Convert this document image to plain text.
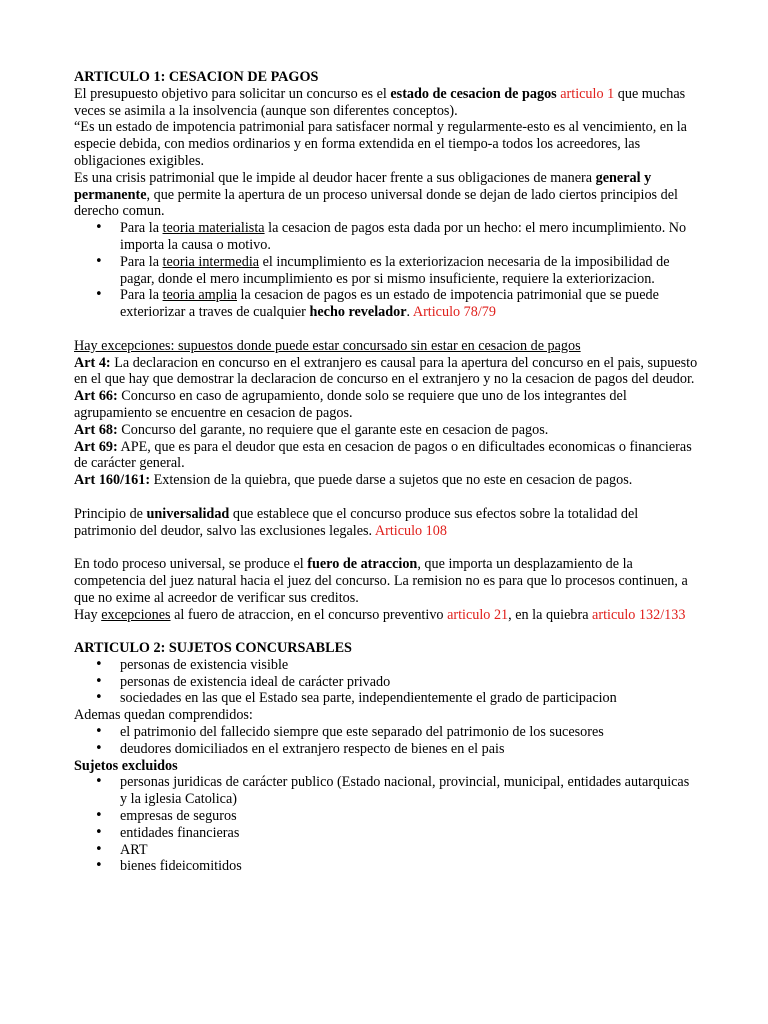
ARTICULO 1: CESACION DE PAGOS

El presupuesto objetivo para solicitar un concurso es el estado de cesacion de pagos articulo 1 que muchas veces se asimila a la insolvencia (aunque son diferentes conceptos).

“Es un estado de impotencia patrimonial para satisfacer normal y regularmente-esto es al vencimiento, en la especie debida, con medios ordinarios y en forma extendida en el tiempo-a todos los acreedores, las obligaciones exigibles.

Es una crisis patrimonial que le impide al deudor hacer frente a sus obligaciones de manera general y permanente, que permite la apertura de un proceso universal donde se dejan de lado ciertos principios del derecho comun.

• Para la teoria materialista la cesacion de pagos esta dada por un hecho: el mero incumplimiento. No importa la causa o motivo.
• Para la teoria intermedia el incumplimiento es la exteriorizacion necesaria de la imposibilidad de pagar, donde el mero incumplimiento es por si mismo insuficiente, requiere la exteriorizacion.
• Para la teoria amplia la cesacion de pagos es un estado de impotencia patrimonial que se puede exteriorizar a traves de cualquier hecho revelador. Articulo 78/79

Hay excepciones: supuestos donde puede estar concursado sin estar en cesacion de pagos

Art 4: La declaracion en concurso en el extranjero es causal para la apertura del concurso en el pais, supuesto en el que hay que demostrar la declaracion de concurso en el extranjero y no la cesacion de pagos del deudor.

Art 66: Concurso en caso de agrupamiento, donde solo se requiere que uno de los integrantes del agrupamiento se encuentre en cesacion de pagos.

Art 68: Concurso del garante, no requiere que el garante este en cesacion de pagos.

Art 69: APE, que es para el deudor que esta en cesacion de pagos o en dificultades economicas o financieras de carácter general.

Art 160/161: Extension de la quiebra, que puede darse a sujetos que no este en cesacion de pagos.

Principio de universalidad que establece que el concurso produce sus efectos sobre la totalidad del patrimonio del deudor, salvo las exclusiones legales. Articulo 108

En todo proceso universal, se produce el fuero de atraccion, que importa un desplazamiento de la competencia del juez natural hacia el juez del concurso. La remision no es para que lo procesos continuen, a que no exime al acreedor de verificar sus creditos.

Hay excepciones al fuero de atraccion, en el concurso preventivo articulo 21, en la quiebra articulo 132/133

ARTICULO 2: SUJETOS CONCURSABLES

• personas de existencia visible
• personas de existencia ideal de carácter privado
• sociedades en las que el Estado sea parte, independientemente el grado de participacion

Ademas quedan comprendidos:

• el patrimonio del fallecido siempre que este separado del patrimonio de los sucesores
• deudores domiciliados en el extranjero respecto de bienes en el pais

Sujetos excluidos

• personas juridicas de carácter publico (Estado nacional, provincial, municipal, entidades autarquicas y la iglesia Catolica)
• empresas de seguros
• entidades financieras
• ART
• bienes fideicomitidos
